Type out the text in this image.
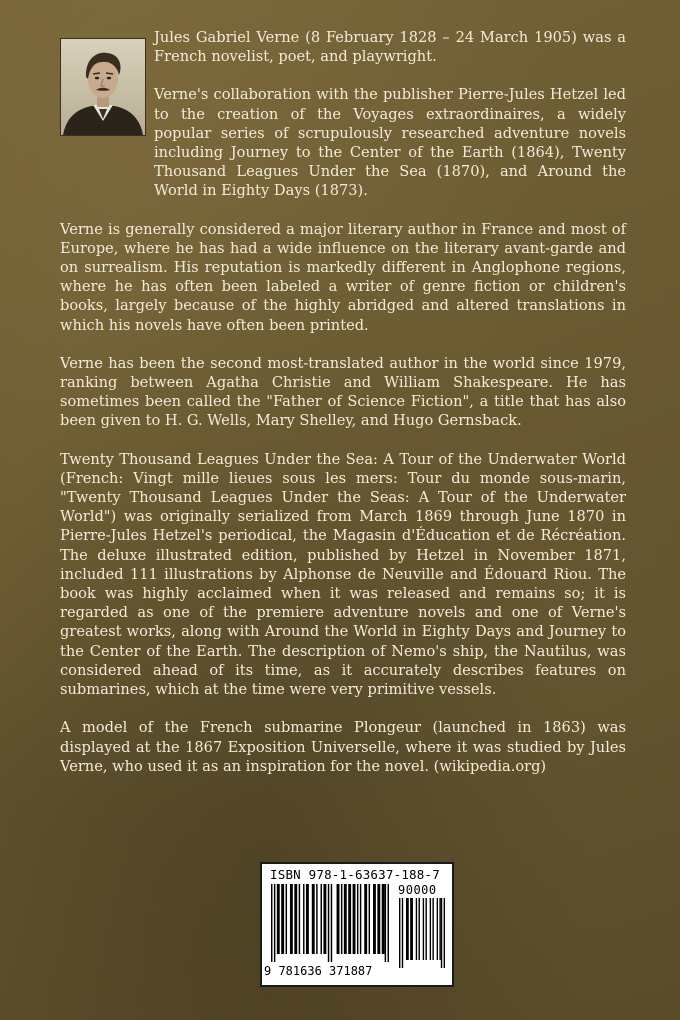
Jules Gabriel Verne (8 February 1828 – 24 March 1905) was a French novelist, poet, and playwright.

Verne's collaboration with the publisher Pierre-Jules Hetzel led to the creation of the Voyages extraordinaires, a widely popular series of scrupulously researched adventure novels including Journey to the Center of the Earth (1864), Twenty Thousand Leagues Under the Sea (1870), and Around the World in Eighty Days (1873).

Verne is generally considered a major literary author in France and most of Europe, where he has had a wide influence on the literary avant-garde and on surrealism. His reputation is markedly different in Anglophone regions, where he has often been labeled a writer of genre fiction or children's books, largely because of the highly abridged and altered translations in which his novels have often been printed.

Verne has been the second most-translated author in the world since 1979, ranking between Agatha Christie and William Shakespeare. He has sometimes been called the "Father of Science Fiction", a title that has also been given to H. G. Wells, Mary Shelley, and Hugo Gernsback.

Twenty Thousand Leagues Under the Sea: A Tour of the Underwater World (French: Vingt mille lieues sous les mers: Tour du monde sous-marin, "Twenty Thousand Leagues Under the Seas: A Tour of the Underwater World") was originally serialized from March 1869 through June 1870 in Pierre-Jules Hetzel's periodical, the Magasin d'Éducation et de Récréation. The deluxe illustrated edition, published by Hetzel in November 1871, included 111 illustrations by Alphonse de Neuville and Édouard Riou. The book was highly acclaimed when it was released and remains so; it is regarded as one of the premiere adventure novels and one of Verne's greatest works, along with Around the World in Eighty Days and Journey to the Center of the Earth. The description of Nemo's ship, the Nautilus, was considered ahead of its time, as it accurately describes features on submarines, which at the time were very primitive vessels.

A model of the French submarine Plongeur (launched in 1863) was displayed at the 1867 Exposition Universelle, where it was studied by Jules Verne, who used it as an inspiration for the novel. (wikipedia.org)

ISBN 978-1-63637-188-7
90000
9 781636 371887
